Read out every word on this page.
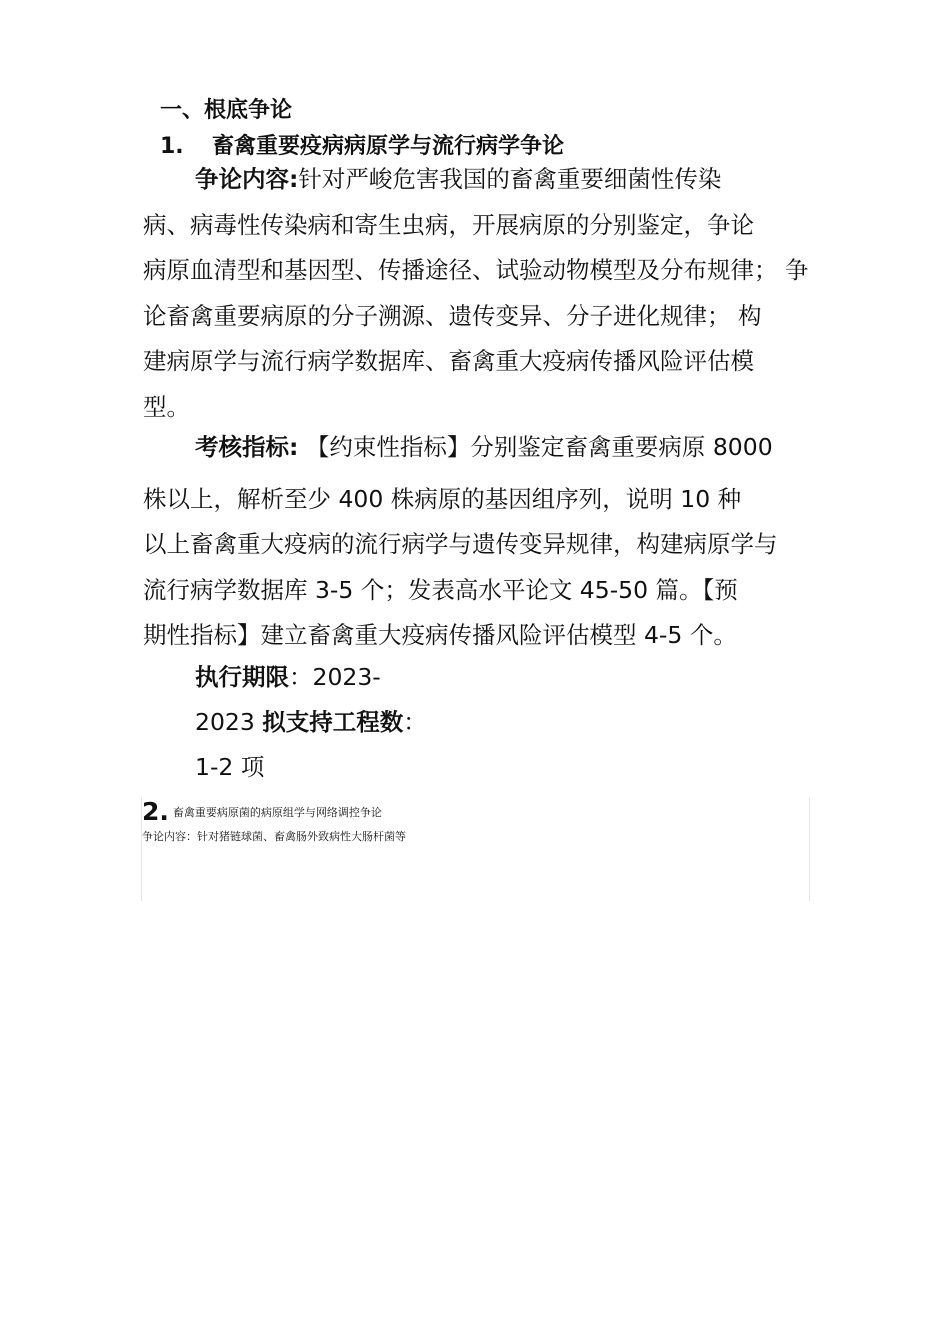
一、根底争论
1. 畜禽重要疫病病原学与流行病学争论
争论内容:针对严峻危害我国的畜禽重要细菌性传染
病、病毒性传染病和寄生虫病，开展病原的分别鉴定，争论
病原血清型和基因型、传播途径、试验动物模型及分布规律； 争
论畜禽重要病原的分子溯源、遗传变异、分子进化规律； 构
建病原学与流行病学数据库、畜禽重大疫病传播风险评估模
型。
考核指标: 【约束性指标】分别鉴定畜禽重要病原 8000
株以上，解析至少 400 株病原的基因组序列，说明 10 种
以上畜禽重大疫病的流行病学与遗传变异规律，构建病原学与
流行病学数据库 3-5 个；发表高水平论文 45-50 篇。【预
期性指标】建立畜禽重大疫病传播风险评估模型 4-5 个。
执行期限：2023-
2023 拟支持工程数：
1-2 项
2. $^{畜禽重要病原菌的病原组学与网络调控争论}$
争论内容：针对猪链球菌、畜禽肠外致病性大肠杆菌等
